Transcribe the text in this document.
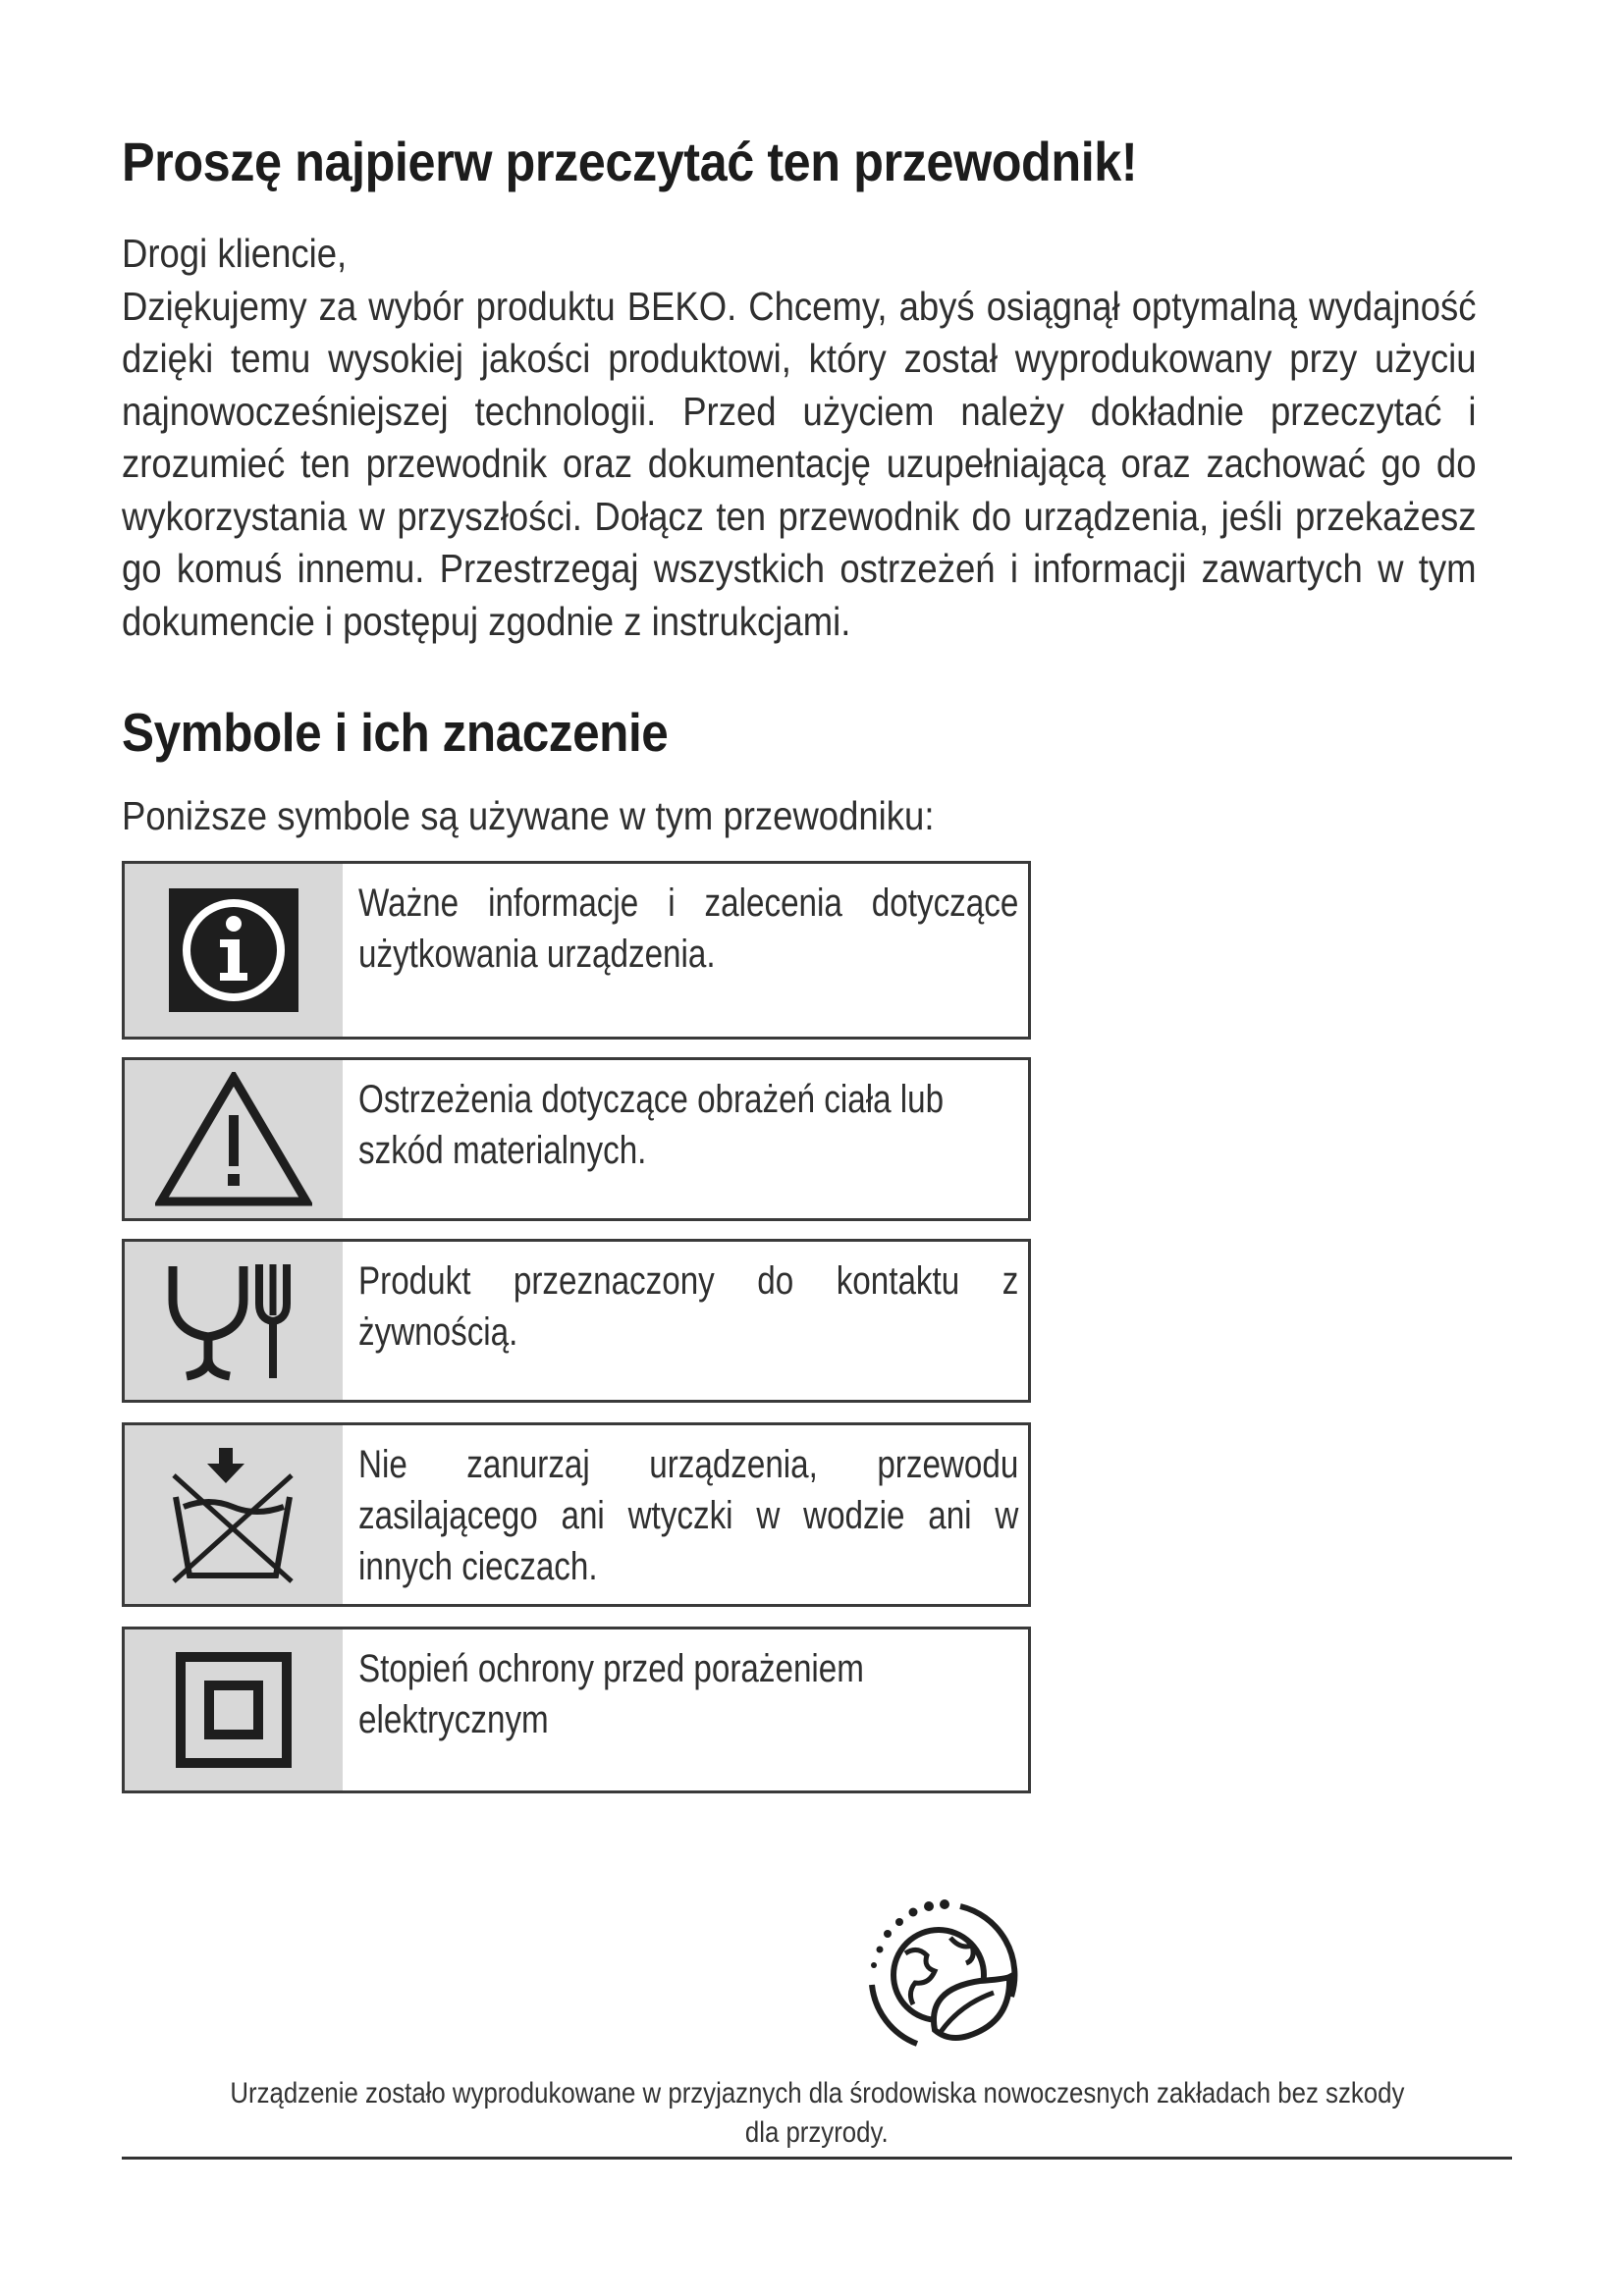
Proszę najpierw przeczytać ten przewodnik!

Drogi kliencie,

Dziękujemy za wybór produktu BEKO. Chcemy, abyś osiągnął optymalną wydajność dzięki temu wysokiej jakości produktowi, który został wyprodukowany przy użyciu najnowocześniejszej technologii. Przed użyciem należy dokładnie przeczytać i zrozumieć ten przewodnik oraz dokumentację uzupełniającą oraz zachować go do wykorzystania w przyszłości. Dołącz ten przewodnik do urządzenia, jeśli przekażesz go komuś innemu. Przestrzegaj wszystkich ostrzeżeń i informacji zawartych w tym dokumencie i postępuj zgodnie z instrukcjami.

Symbole i ich znaczenie

Poniższe symbole są używane w tym przewodniku:

Ważne informacje i zalecenia dotyczące użytkowania urządzenia.
Ostrzeżenia dotyczące obrażeń ciała lub szkód materialnych.
Produkt przeznaczony do kontaktu z żywnością.
Nie zanurzaj urządzenia, przewodu zasilającego ani wtyczki w wodzie ani w innych cieczach.
Stopień ochrony przed porażeniem elektrycznym

Urządzenie zostało wyprodukowane w przyjaznych dla środowiska nowoczesnych zakładach bez szkody
dla przyrody.
